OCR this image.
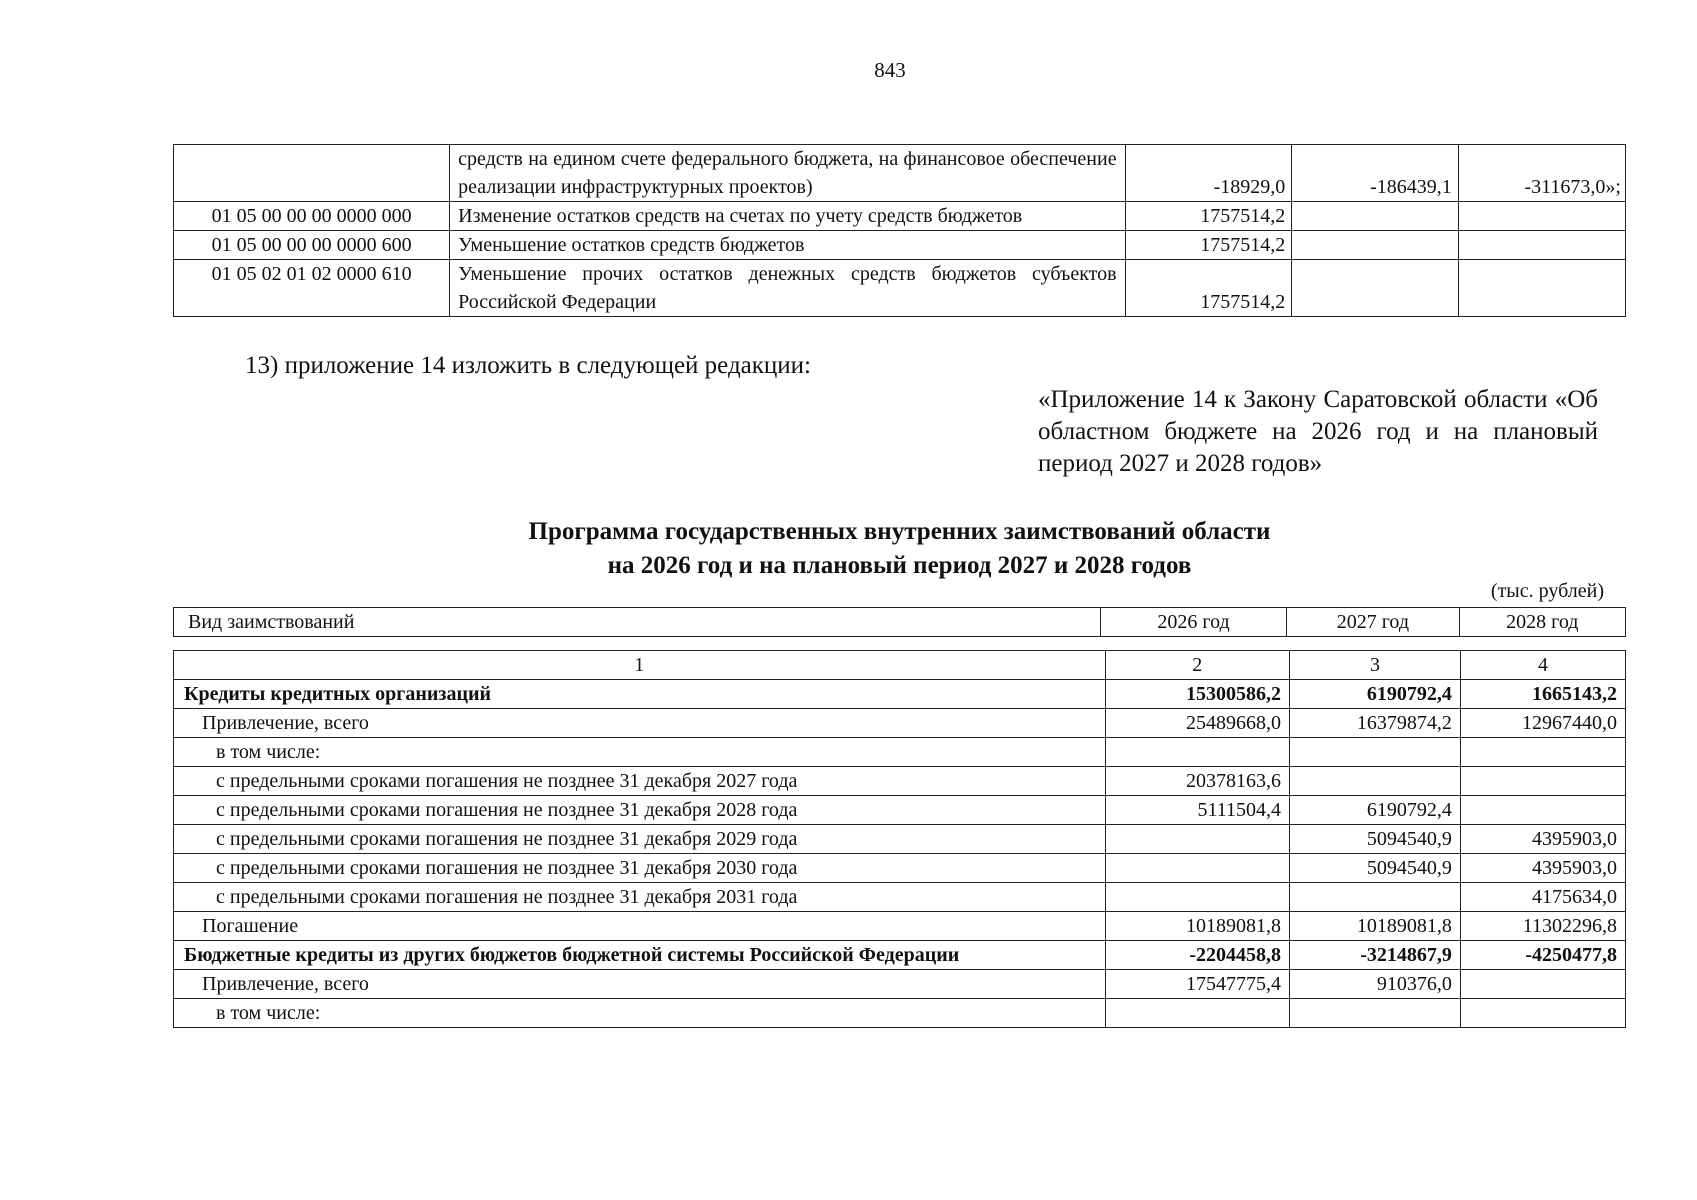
843
	средств на едином счете федерального бюджета, на финансовое обеспечение реализации инфраструктурных проектов)	-18929,0	-186439,1	-311673,0»;
01 05 00 00 00 0000 000	Изменение остатков средств на счетах по учету средств бюджетов	1757514,2		
01 05 00 00 00 0000 600	Уменьшение остатков средств бюджетов	1757514,2		
01 05 02 01 02 0000 610	Уменьшение прочих остатков денежных средств бюджетов субъектов Российской Федерации	1757514,2		
13) приложение 14 изложить в следующей редакции:
«Приложение 14 к Закону Саратовской области «Об областном бюджете на 2026 год и на плановый период 2027 и 2028 годов»
Программа государственных внутренних заимствований области
на 2026 год и на плановый период 2027 и 2028 годов
(тыс. рублей)
Вид заимствований	2026 год	2027 год	2028 год
1	2	3	4
Кредиты кредитных организаций	15300586,2	6190792,4	1665143,2
Привлечение, всего	25489668,0	16379874,2	12967440,0
в том числе:			
с предельными сроками погашения не позднее 31 декабря 2027 года	20378163,6		
с предельными сроками погашения не позднее 31 декабря 2028 года	5111504,4	6190792,4	
с предельными сроками погашения не позднее 31 декабря 2029 года		5094540,9	4395903,0
с предельными сроками погашения не позднее 31 декабря 2030 года		5094540,9	4395903,0
с предельными сроками погашения не позднее 31 декабря 2031 года			4175634,0
Погашение	10189081,8	10189081,8	11302296,8
Бюджетные кредиты из других бюджетов бюджетной системы Российской Федерации	-2204458,8	-3214867,9	-4250477,8
Привлечение, всего	17547775,4	910376,0	
в том числе:			
